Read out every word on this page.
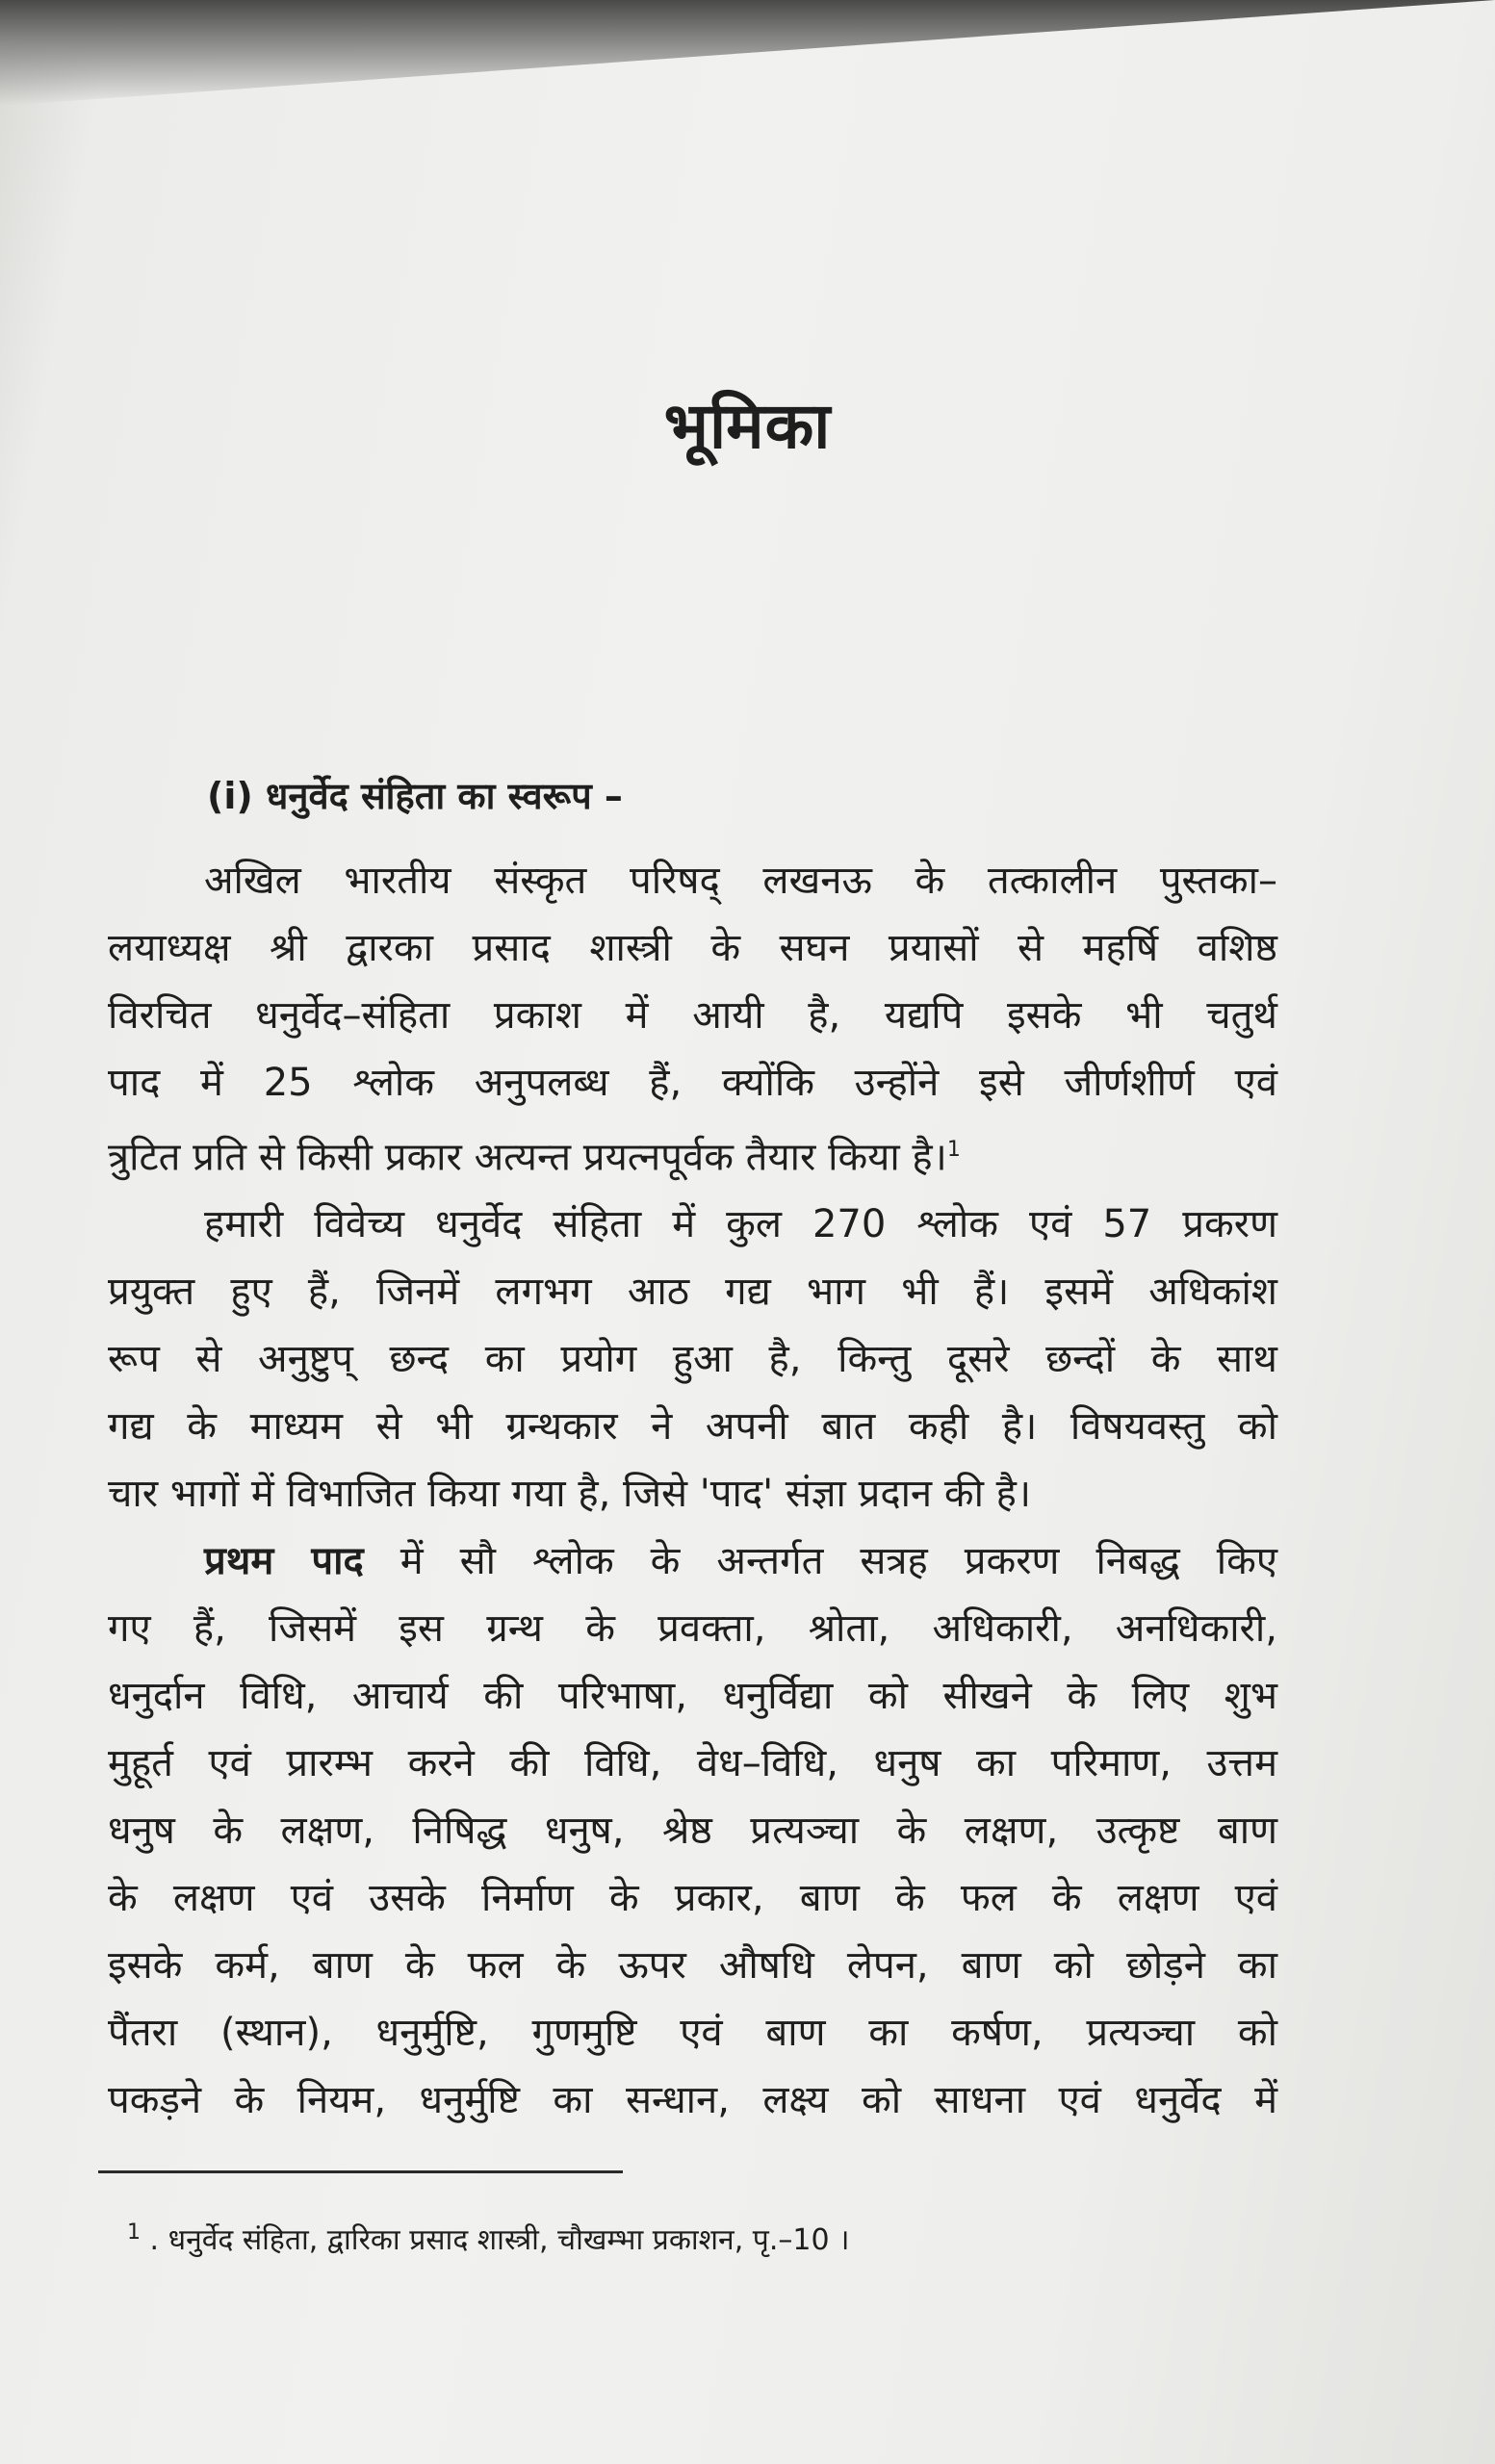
भूमिका
(i) धनुर्वेद संहिता का स्वरूप –

अखिल भारतीय संस्कृत परिषद् लखनऊ के तत्कालीन पुस्तका–

लयाध्यक्ष श्री द्वारका प्रसाद शास्त्री के सघन प्रयासों से महर्षि वशिष्ठ

विरचित धनुर्वेद–संहिता प्रकाश में आयी है, यद्यपि इसके भी चतुर्थ

पाद में 25 श्लोक अनुपलब्ध हैं, क्योंकि उन्होंने इसे जीर्णशीर्ण एवं

त्रुटित प्रति से किसी प्रकार अत्यन्त प्रयत्नपूर्वक तैयार किया है।$^1$

हमारी विवेच्य धनुर्वेद संहिता में कुल 270 श्लोक एवं 57 प्रकरण

प्रयुक्त हुए हैं, जिनमें लगभग आठ गद्य भाग भी हैं। इसमें अधिकांश

रूप से अनुष्टुप् छन्द का प्रयोग हुआ है, किन्तु दूसरे छन्दों के साथ

गद्य के माध्यम से भी ग्रन्थकार ने अपनी बात कही है। विषयवस्तु को

चार भागों में विभाजित किया गया है, जिसे 'पाद' संज्ञा प्रदान की है।

प्रथम पाद में सौ श्लोक के अन्तर्गत सत्रह प्रकरण निबद्ध किए

गए हैं, जिसमें इस ग्रन्थ के प्रवक्ता, श्रोता, अधिकारी, अनधिकारी,

धनुर्दान विधि, आचार्य की परिभाषा, धनुर्विद्या को सीखने के लिए शुभ

मुहूर्त एवं प्रारम्भ करने की विधि, वेध–विधि, धनुष का परिमाण, उत्तम

धनुष के लक्षण, निषिद्ध धनुष, श्रेष्ठ प्रत्यञ्चा के लक्षण, उत्कृष्ट बाण

के लक्षण एवं उसके निर्माण के प्रकार, बाण के फल के लक्षण एवं

इसके कर्म, बाण के फल के ऊपर औषधि लेपन, बाण को छोड़ने का

पैंतरा (स्थान), धनुर्मुष्टि, गुणमुष्टि एवं बाण का कर्षण, प्रत्यञ्चा को

पकड़ने के नियम, धनुर्मुष्टि का सन्धान, लक्ष्य को साधना एवं धनुर्वेद में

$^1$ . धनुर्वेद संहिता, द्वारिका प्रसाद शास्त्री, चौखम्भा प्रकाशन, पृ.–10 ।
